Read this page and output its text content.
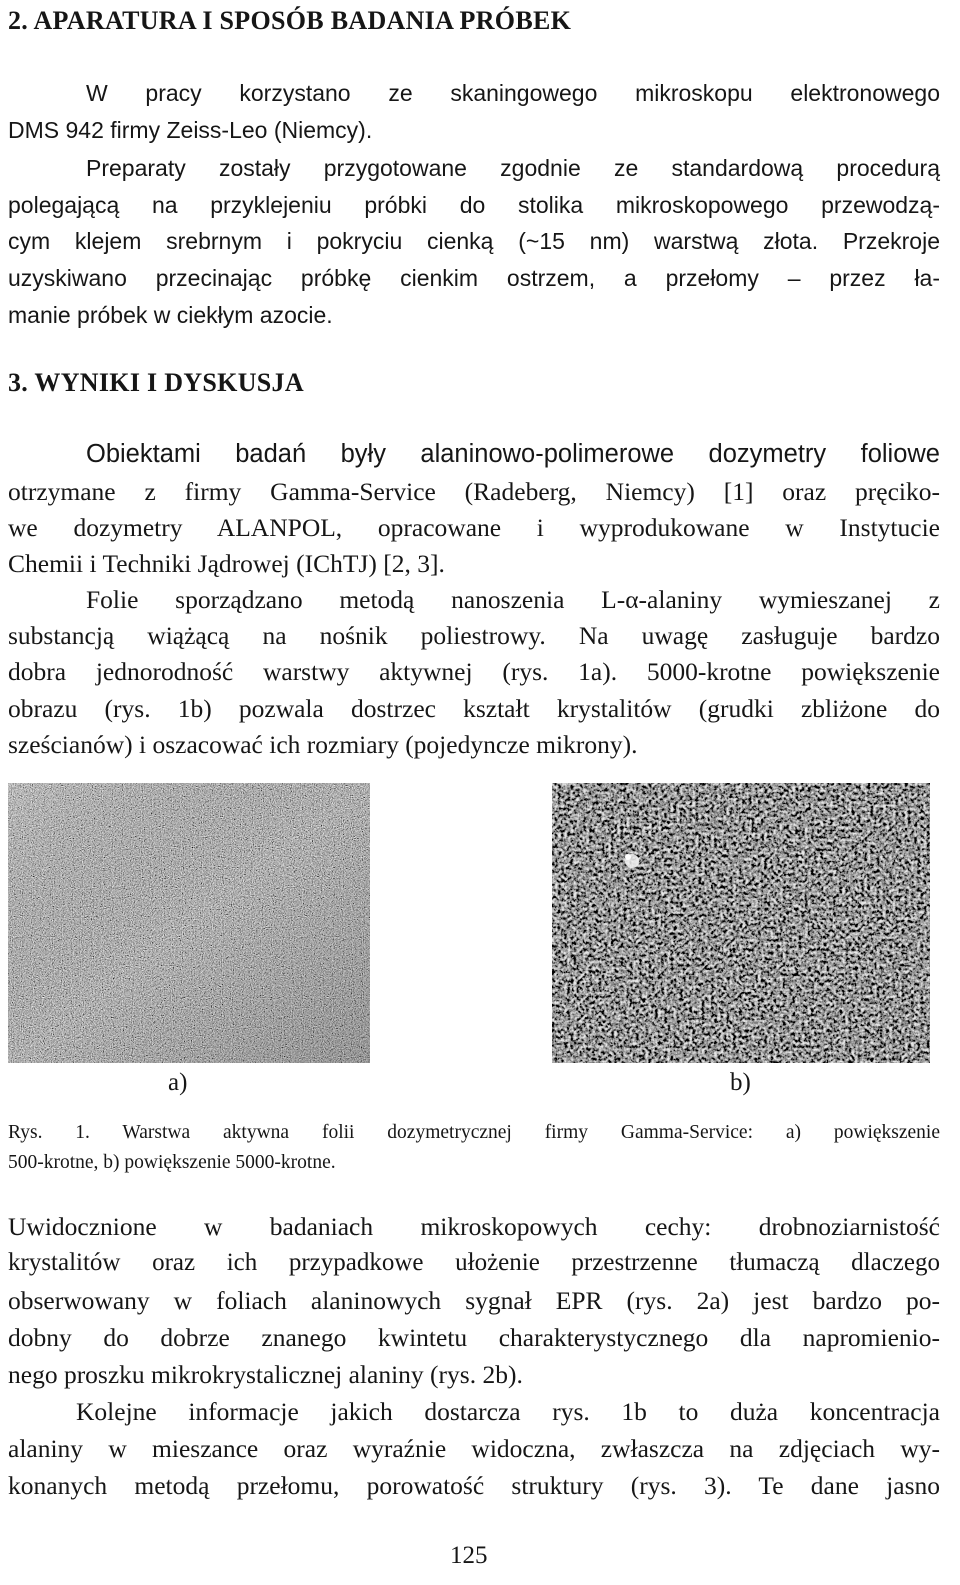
2. APARATURA I SPOSÓB BADANIA PRÓBEK
W pracy korzystano ze skaningowego mikroskopu elektronowego
DMS 942 firmy Zeiss-Leo (Niemcy).
Preparaty zostały przygotowane zgodnie ze standardową procedurą
polegającą na przyklejeniu próbki do stolika mikroskopowego przewodzą-
cym klejem srebrnym i pokryciu cienką (~15 nm) warstwą złota. Przekroje
uzyskiwano przecinając próbkę cienkim ostrzem, a przełomy – przez ła-
manie próbek w ciekłym azocie.
3. WYNIKI I DYSKUSJA
Obiektami badań były alaninowo-polimerowe dozymetry foliowe
otrzymane z firmy Gamma-Service (Radeberg, Niemcy) [1] oraz pręciko-
we dozymetry ALANPOL, opracowane i wyprodukowane w Instytucie
Chemii i Techniki Jądrowej (IChTJ) [2, 3].
Folie sporządzano metodą nanoszenia L-α-alaniny wymieszanej z
substancją wiążącą na nośnik poliestrowy. Na uwagę zasługuje bardzo
dobra jednorodność warstwy aktywnej (rys. 1a). 5000-krotne powiększenie
obrazu (rys. 1b) pozwala dostrzec kształt krystalitów (grudki zbliżone do
sześcianów) i oszacować ich rozmiary (pojedyncze mikrony).
a)	b)
Rys. 1. Warstwa aktywna folii dozymetrycznej firmy Gamma-Service: a) powiększenie
500-krotne, b) powiększenie 5000-krotne.
Uwidocznione w badaniach mikroskopowych cechy: drobnoziarnistość
krystalitów oraz ich przypadkowe ułożenie przestrzenne tłumaczą dlaczego
obserwowany w foliach alaninowych sygnał EPR (rys. 2a) jest bardzo po-
dobny do dobrze znanego kwintetu charakterystycznego dla napromienio-
nego proszku mikrokrystalicznej alaniny (rys. 2b).
Kolejne informacje jakich dostarcza rys. 1b to duża koncentracja
alaniny w mieszance oraz wyraźnie widoczna, zwłaszcza na zdjęciach wy-
konanych metodą przełomu, porowatość struktury (rys. 3). Te dane jasno
125
